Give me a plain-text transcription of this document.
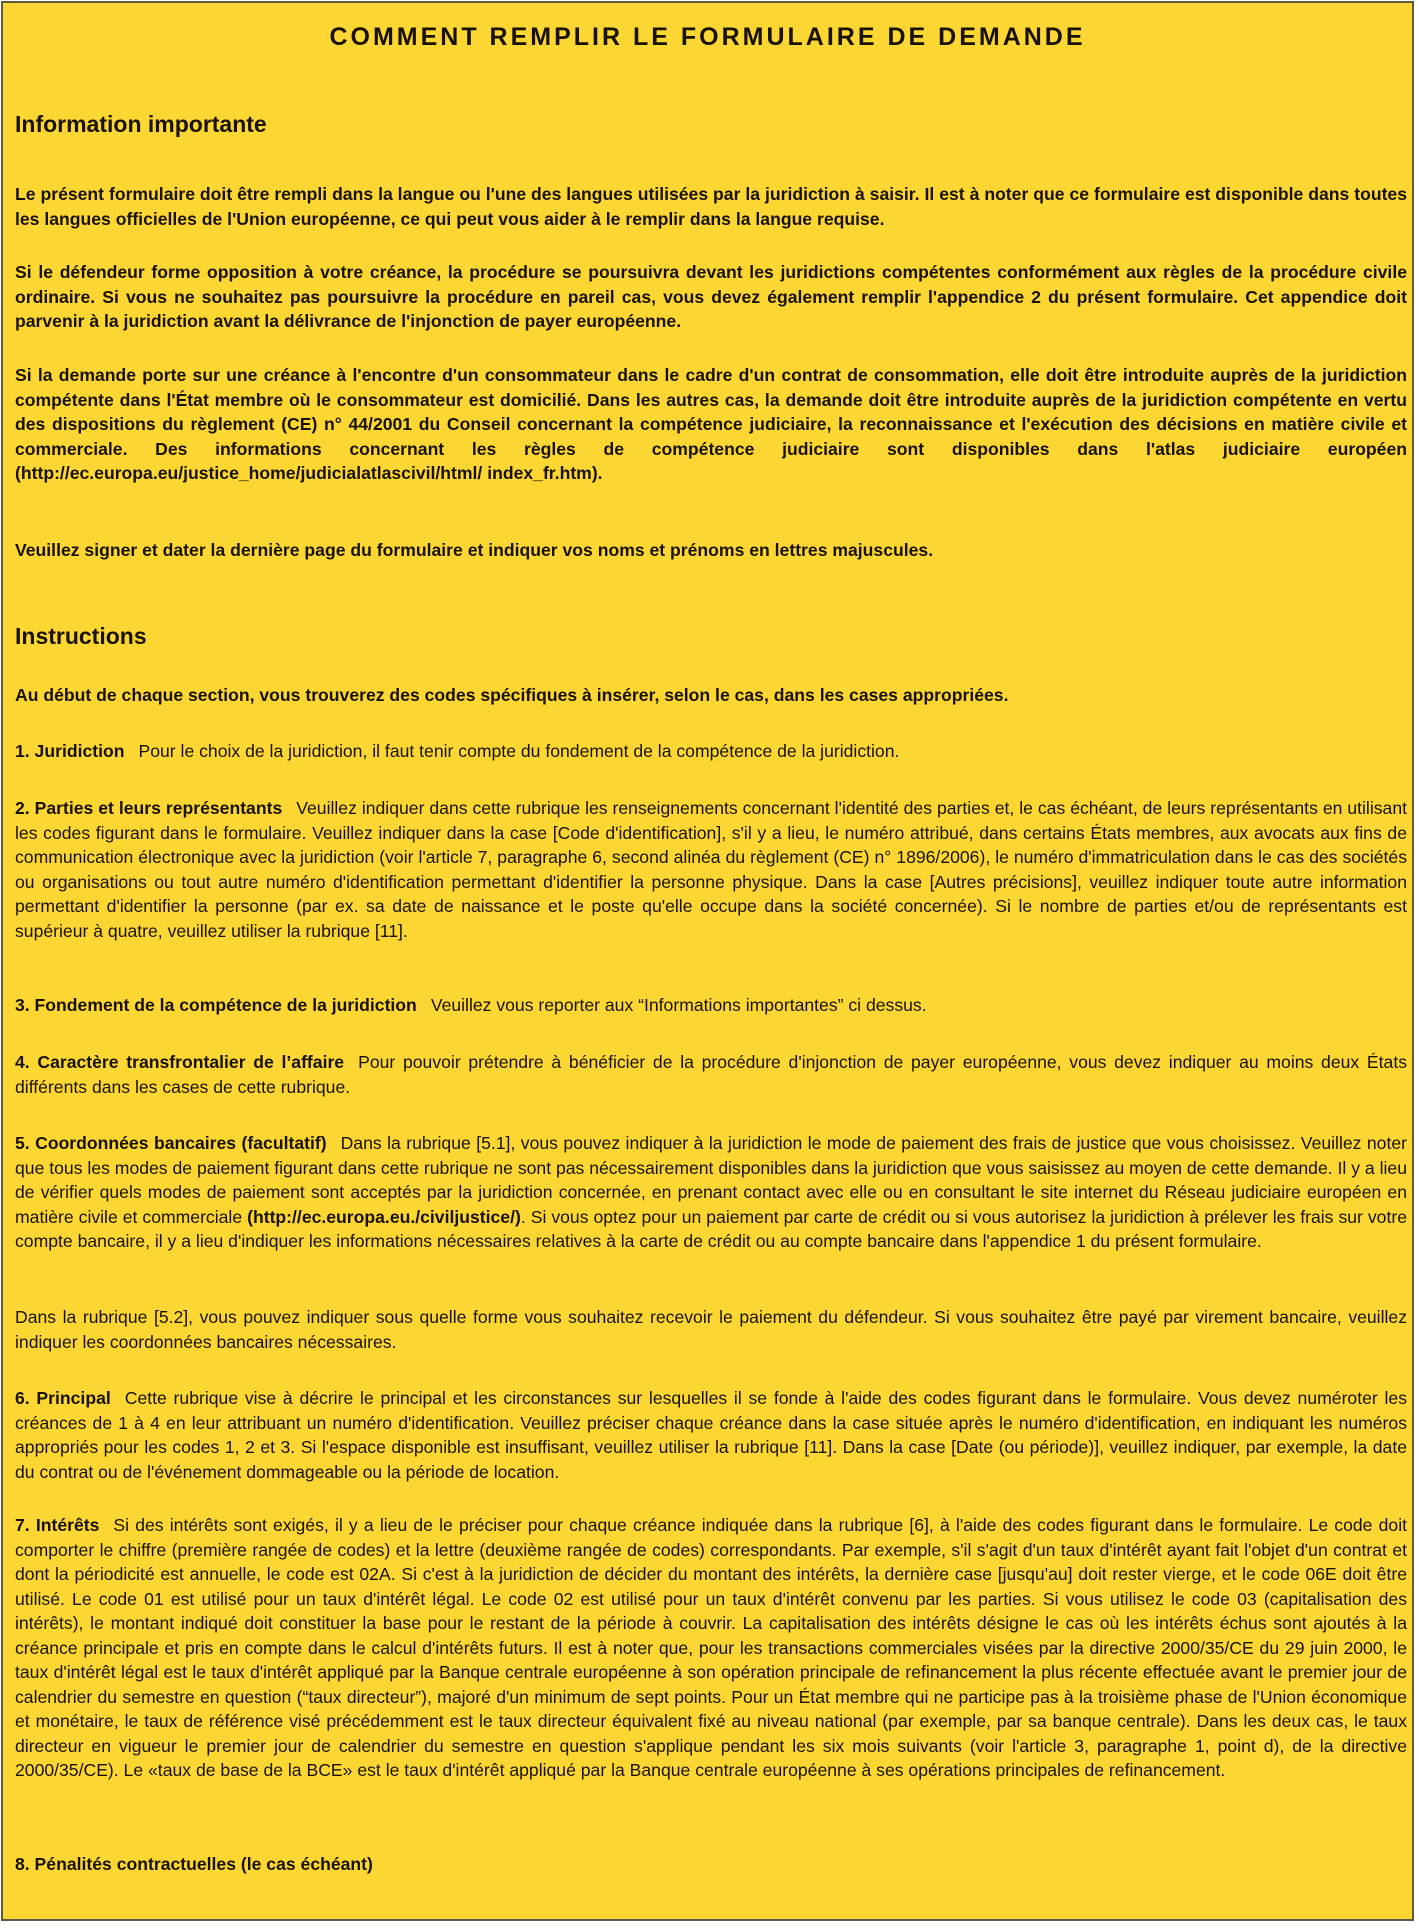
COMMENT REMPLIR LE FORMULAIRE DE DEMANDE
Information importante
Le présent formulaire doit être rempli dans la langue ou l'une des langues utilisées par la juridiction à saisir. Il est à noter que ce formulaire est disponible dans toutes les langues officielles de l'Union européenne, ce qui peut vous aider à le remplir dans la langue requise.
Si le défendeur forme opposition à votre créance, la procédure se poursuivra devant les juridictions compétentes conformément aux règles de la procédure civile ordinaire. Si vous ne souhaitez pas poursuivre la procédure en pareil cas, vous devez également remplir l'appendice 2 du présent formulaire. Cet appendice doit parvenir à la juridiction avant la délivrance de l'injonction de payer européenne.
Si la demande porte sur une créance à l'encontre d'un consommateur dans le cadre d'un contrat de consommation, elle doit être introduite auprès de la juridiction compétente dans l'État membre où le consommateur est domicilié. Dans les autres cas, la demande doit être introduite auprès de la juridiction compétente en vertu des dispositions du règlement (CE) n° 44/2001 du Conseil concernant la compétence judiciaire, la reconnaissance et l'exécution des décisions en matière civile et commerciale. Des informations concernant les règles de compétence judiciaire sont disponibles dans l'atlas judiciaire européen (http://ec.europa.eu/justice_home/judicialatlascivil/html/ index_fr.htm).
Veuillez signer et dater la dernière page du formulaire et indiquer vos noms et prénoms en lettres majuscules.
Instructions
Au début de chaque section, vous trouverez des codes spécifiques à insérer, selon le cas, dans les cases appropriées.
1. Juridiction Pour le choix de la juridiction, il faut tenir compte du fondement de la compétence de la juridiction.
2. Parties et leurs représentants Veuillez indiquer dans cette rubrique les renseignements concernant l'identité des parties et, le cas échéant, de leurs représentants en utilisant les codes figurant dans le formulaire. Veuillez indiquer dans la case [Code d'identification], s'il y a lieu, le numéro attribué, dans certains États membres, aux avocats aux fins de communication électronique avec la juridiction (voir l'article 7, paragraphe 6, second alinéa du règlement (CE) n° 1896/2006), le numéro d'immatriculation dans le cas des sociétés ou organisations ou tout autre numéro d'identification permettant d'identifier la personne physique. Dans la case [Autres précisions], veuillez indiquer toute autre information permettant d'identifier la personne (par ex. sa date de naissance et le poste qu'elle occupe dans la société concernée). Si le nombre de parties et/ou de représentants est supérieur à quatre, veuillez utiliser la rubrique [11].
3. Fondement de la compétence de la juridiction Veuillez vous reporter aux “Informations importantes” ci dessus.
4. Caractère transfrontalier de l’affaire Pour pouvoir prétendre à bénéficier de la procédure d'injonction de payer européenne, vous devez indiquer au moins deux États différents dans les cases de cette rubrique.
5. Coordonnées bancaires (facultatif) Dans la rubrique [5.1], vous pouvez indiquer à la juridiction le mode de paiement des frais de justice que vous choisissez. Veuillez noter que tous les modes de paiement figurant dans cette rubrique ne sont pas nécessairement disponibles dans la juridiction que vous saisissez au moyen de cette demande. Il y a lieu de vérifier quels modes de paiement sont acceptés par la juridiction concernée, en prenant contact avec elle ou en consultant le site internet du Réseau judiciaire européen en matière civile et commerciale (http://ec.europa.eu./civiljustice/). Si vous optez pour un paiement par carte de crédit ou si vous autorisez la juridiction à prélever les frais sur votre compte bancaire, il y a lieu d'indiquer les informations nécessaires relatives à la carte de crédit ou au compte bancaire dans l'appendice 1 du présent formulaire.
Dans la rubrique [5.2], vous pouvez indiquer sous quelle forme vous souhaitez recevoir le paiement du défendeur. Si vous souhaitez être payé par virement bancaire, veuillez indiquer les coordonnées bancaires nécessaires.
6. Principal Cette rubrique vise à décrire le principal et les circonstances sur lesquelles il se fonde à l'aide des codes figurant dans le formulaire. Vous devez numéroter les créances de 1 à 4 en leur attribuant un numéro d'identification. Veuillez préciser chaque créance dans la case située après le numéro d'identification, en indiquant les numéros appropriés pour les codes 1, 2 et 3. Si l'espace disponible est insuffisant, veuillez utiliser la rubrique [11]. Dans la case [Date (ou période)], veuillez indiquer, par exemple, la date du contrat ou de l'événement dommageable ou la période de location.
7. Intérêts Si des intérêts sont exigés, il y a lieu de le préciser pour chaque créance indiquée dans la rubrique [6], à l'aide des codes figurant dans le formulaire. Le code doit comporter le chiffre (première rangée de codes) et la lettre (deuxième rangée de codes) correspondants. Par exemple, s'il s'agit d'un taux d'intérêt ayant fait l'objet d'un contrat et dont la périodicité est annuelle, le code est 02A. Si c'est à la juridiction de décider du montant des intérêts, la dernière case [jusqu'au] doit rester vierge, et le code 06E doit être utilisé. Le code 01 est utilisé pour un taux d'intérêt légal. Le code 02 est utilisé pour un taux d'intérêt convenu par les parties. Si vous utilisez le code 03 (capitalisation des intérêts), le montant indiqué doit constituer la base pour le restant de la période à couvrir. La capitalisation des intérêts désigne le cas où les intérêts échus sont ajoutés à la créance principale et pris en compte dans le calcul d'intérêts futurs. Il est à noter que, pour les transactions commerciales visées par la directive 2000/35/CE du 29 juin 2000, le taux d'intérêt légal est le taux d'intérêt appliqué par la Banque centrale européenne à son opération principale de refinancement la plus récente effectuée avant le premier jour de calendrier du semestre en question (“taux directeur”), majoré d'un minimum de sept points. Pour un État membre qui ne participe pas à la troisième phase de l'Union économique et monétaire, le taux de référence visé précédemment est le taux directeur équivalent fixé au niveau national (par exemple, par sa banque centrale). Dans les deux cas, le taux directeur en vigueur le premier jour de calendrier du semestre en question s'applique pendant les six mois suivants (voir l'article 3, paragraphe 1, point d), de la directive 2000/35/CE). Le «taux de base de la BCE» est le taux d'intérêt appliqué par la Banque centrale européenne à ses opérations principales de refinancement.
8. Pénalités contractuelles (le cas échéant)
